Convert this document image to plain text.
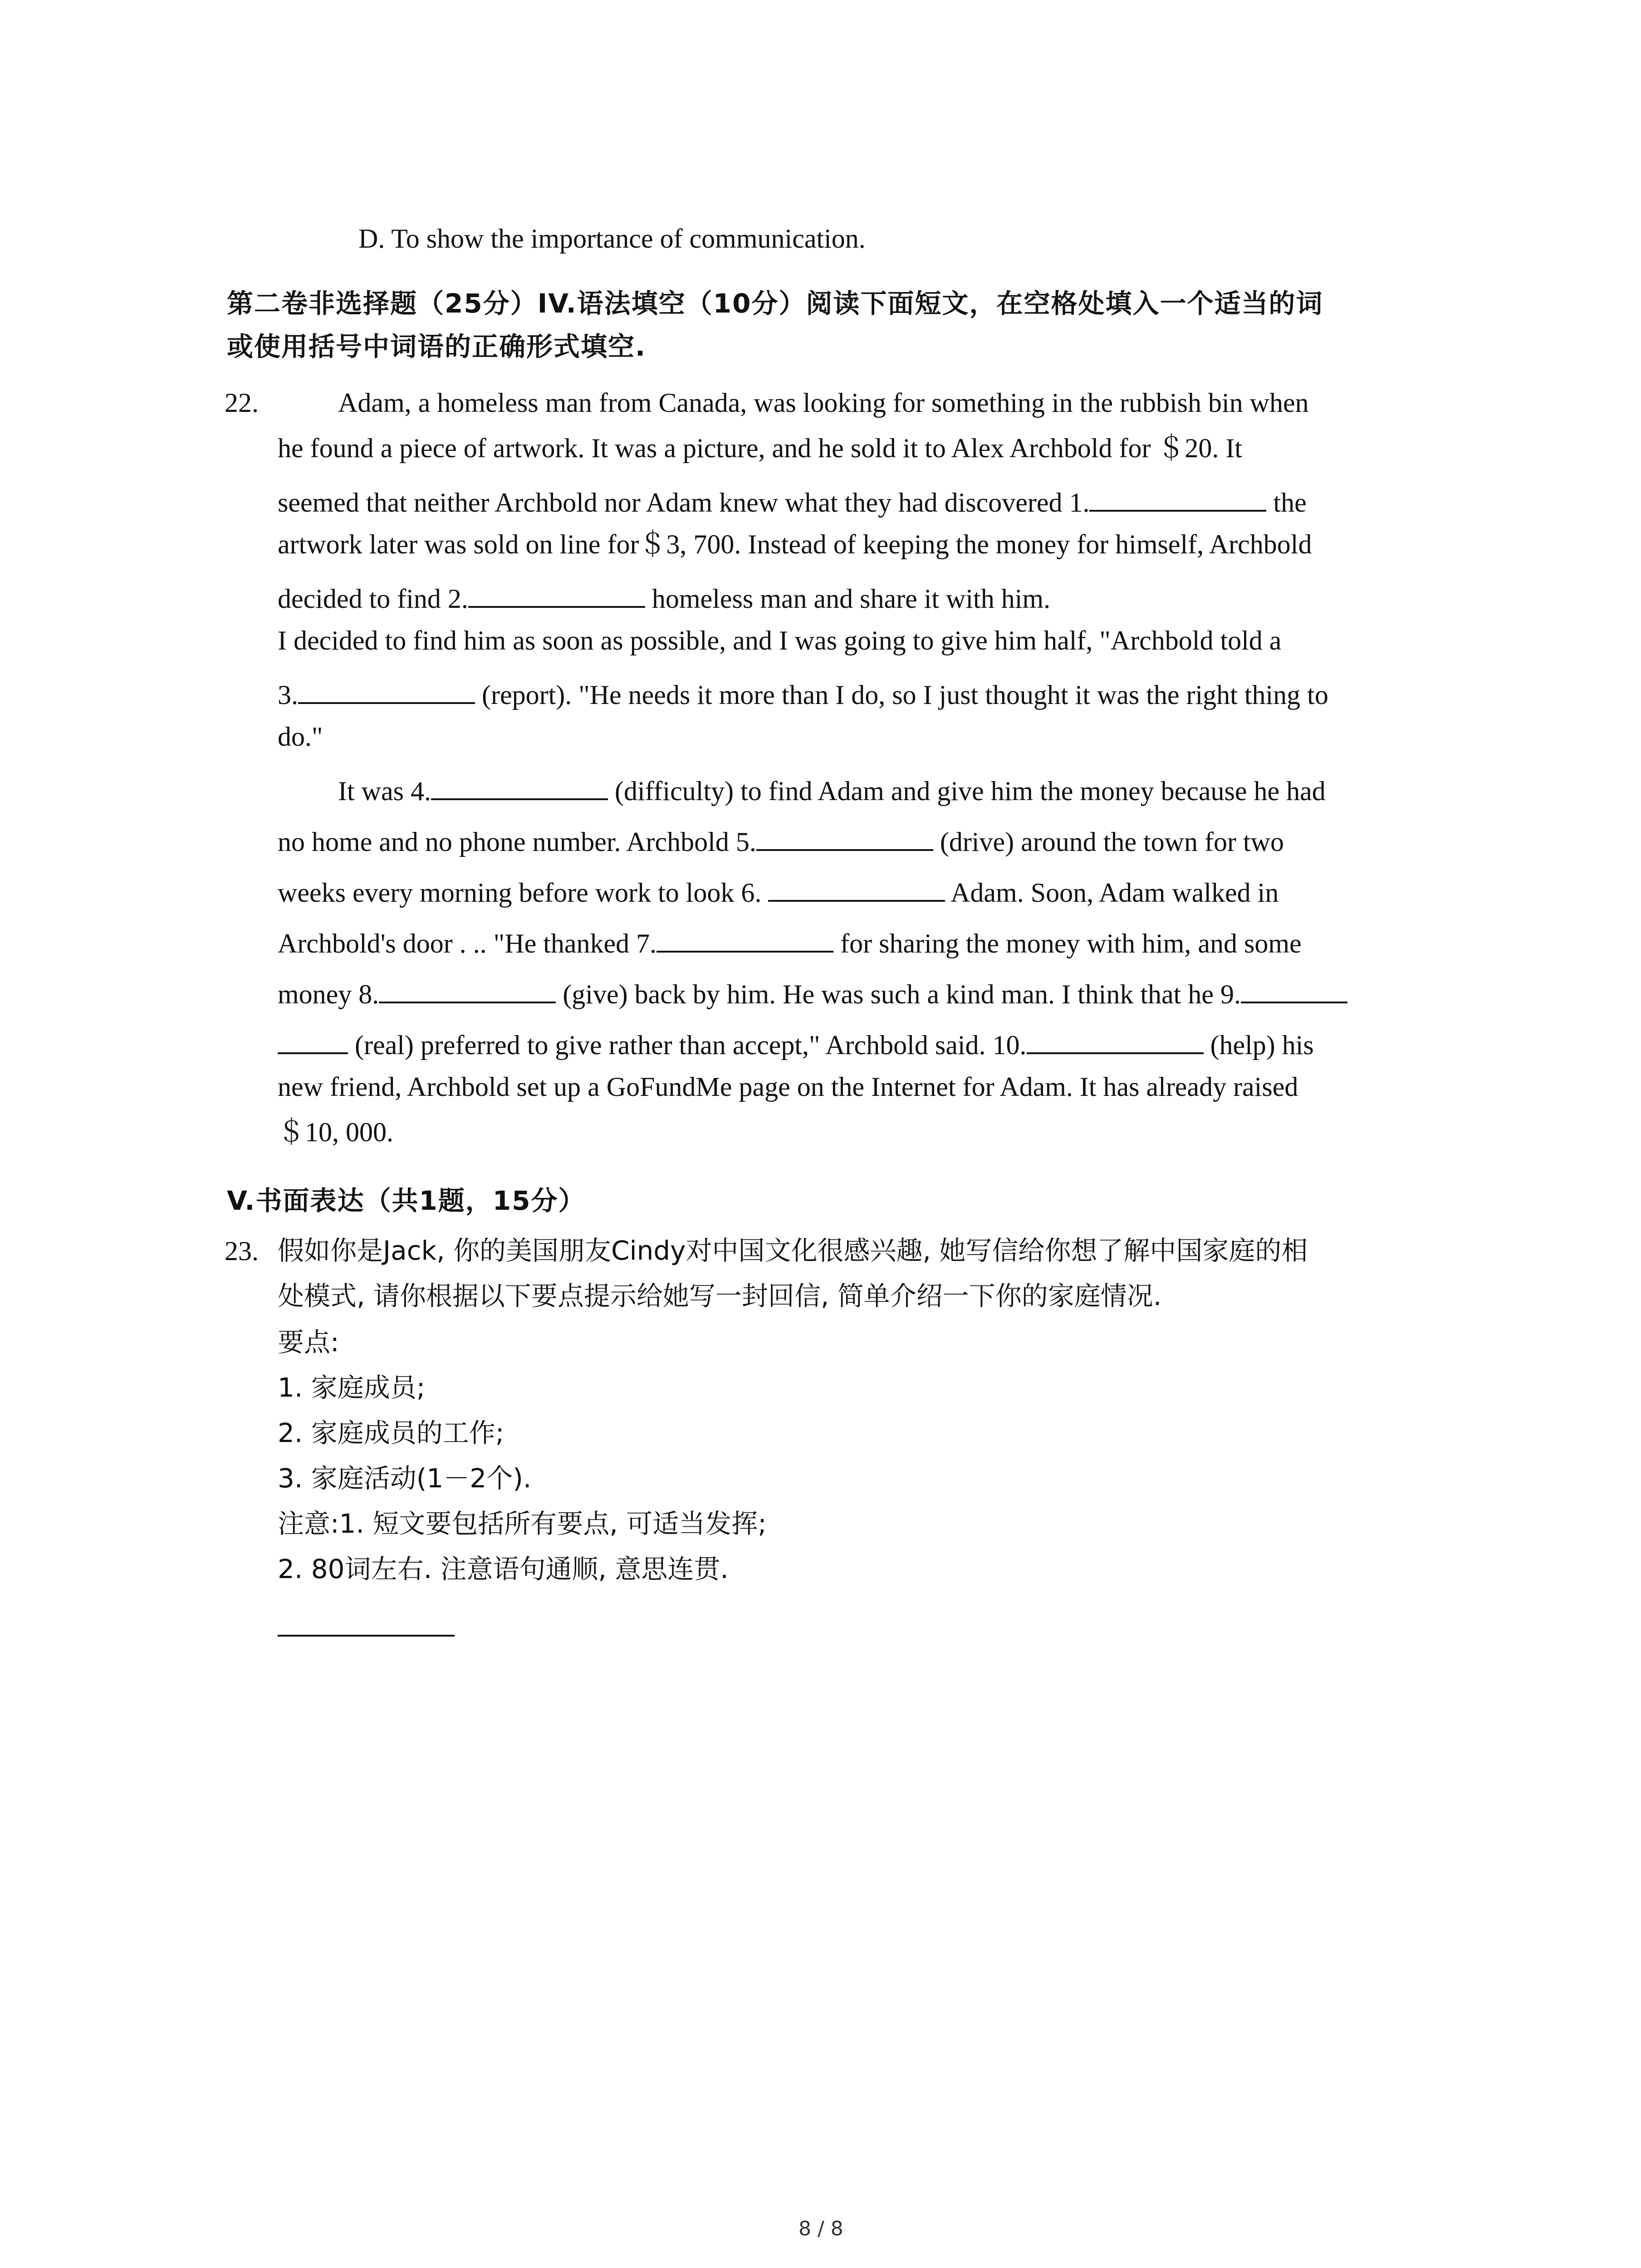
D. To show the importance of communication.
第二卷非选择题（25分）IV.语法填空（10分）阅读下面短文，在空格处填入一个适当的词
或使用括号中词语的正确形式填空.
22.	Adam, a homeless man from Canada, was looking for something in the rubbish bin when
he found a piece of artwork. It was a picture, and he sold it to Alex Archbold for ＄20. It
seemed that neither Archbold nor Adam knew what they had discovered 1.	the
artwork later was sold on line for＄3, 700. Instead of keeping the money for himself, Archbold
decided to find 2.	homeless man and share it with him.
I decided to find him as soon as possible, and I was going to give him half, "Archbold told a
3.	(report). "He needs it more than I do, so I just thought it was the right thing to
do."
It was 4.	(difficulty) to find Adam and give him the money because he had
no home and no phone number. Archbold 5.	(drive) around the town for two
weeks every morning before work to look 6.	Adam. Soon, Adam walked in
Archbold's door . .. "He thanked 7.	for sharing the money with him, and some
money 8.	(give) back by him. He was such a kind man. I think that he 9.
(real) preferred to give rather than accept," Archbold said. 10.	(help) his
new friend, Archbold set up a GoFundMe page on the Internet for Adam. It has already raised
＄10, 000.
V.书面表达（共1题，15分）
23. 假如你是Jack, 你的美国朋友Cindy对中国文化很感兴趣, 她写信给你想了解中国家庭的相
处模式, 请你根据以下要点提示给她写一封回信, 简单介绍一下你的家庭情况.
要点:
1. 家庭成员;
2. 家庭成员的工作;
3. 家庭活动(1－2个).
注意:1. 短文要包括所有要点, 可适当发挥;
2. 80词左右. 注意语句通顺, 意思连贯.
8 / 8
